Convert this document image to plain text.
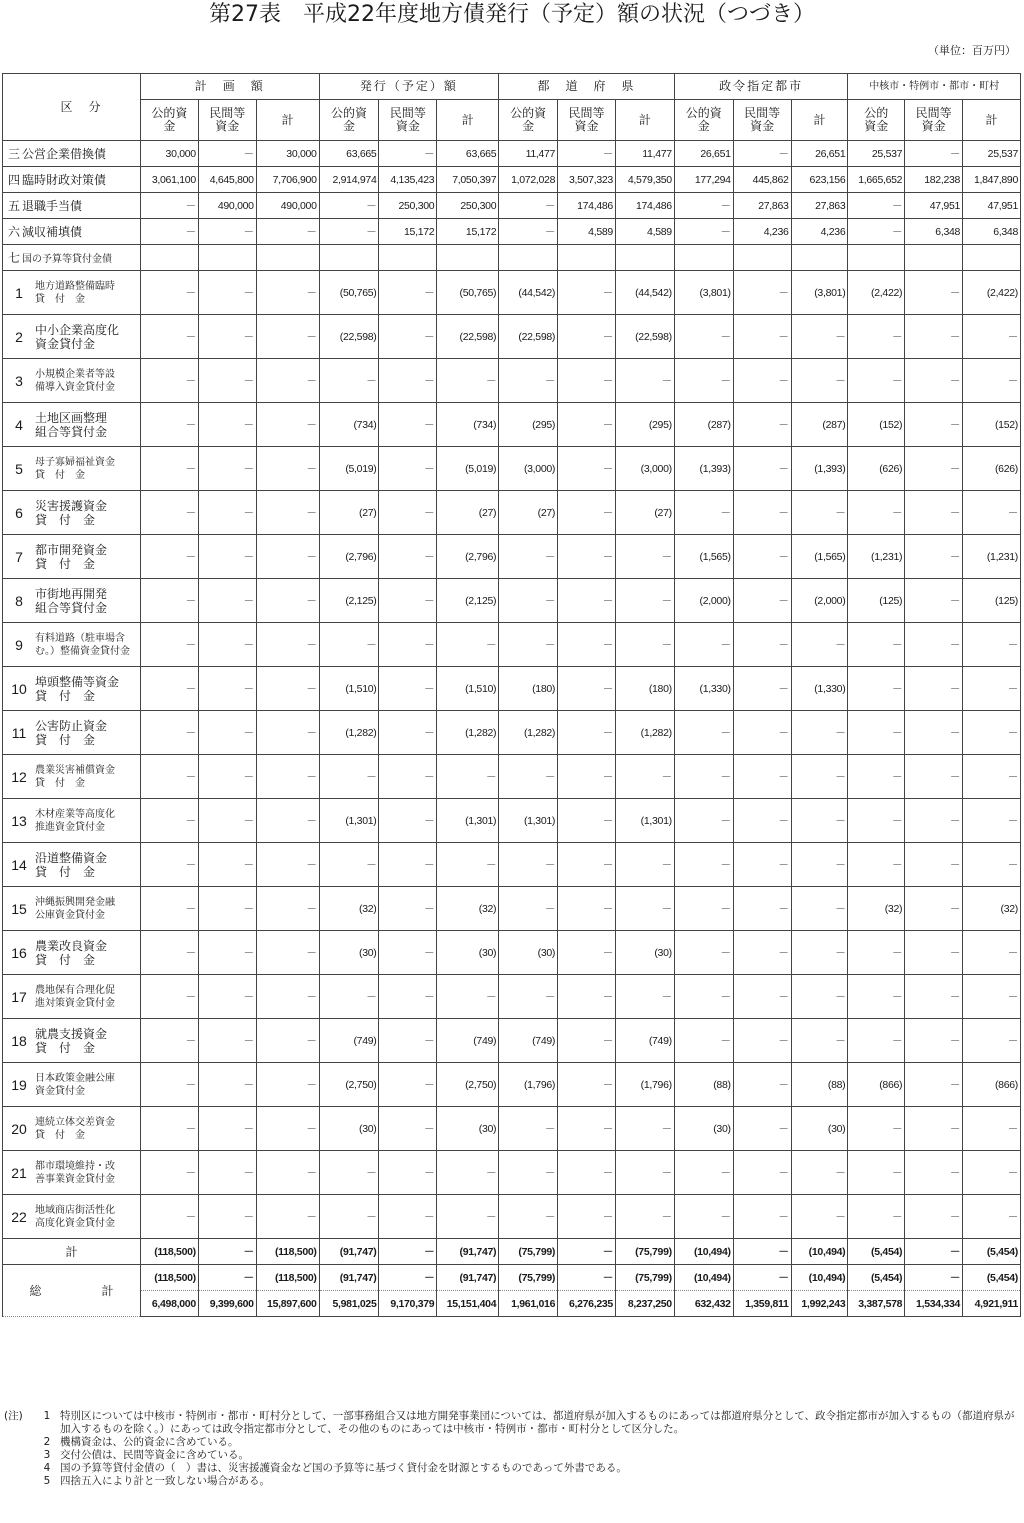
第27表　平成22年度地方債発行（予定）額の状況（つづき）
（単位：百万円）
区　分	計　画　額			発行（予定）額			都　道　府　県			政令指定都市			中核市・特例市・都市・町村		
	公的資金	民間等資金	計	公的資金	民間等資金	計	公的資金	民間等資金	計	公的資金	民間等資金	計	公的資金	民間等資金	計
三 公営企業借換債	30,000	－	30,000	63,665	－	63,665	11,477	－	11,477	26,651	－	26,651	25,537	－	25,537
四 臨時財政対策債	3,061,100	4,645,800	7,706,900	2,914,974	4,135,423	7,050,397	1,072,028	3,507,323	4,579,350	177,294	445,862	623,156	1,665,652	182,238	1,847,890
五 退職手当債	－	490,000	490,000	－	250,300	250,300	－	174,486	174,486	－	27,863	27,863	－	47,951	47,951
六 減収補填債	－	－	－	－	15,172	15,172	－	4,589	4,589	－	4,236	4,236	－	6,348	6,348
七 国の予算等貸付金債															
1 地方道路整備臨時
貸　付　金	－	－	－	(50,765)	－	(50,765)	(44,542)	－	(44,542)	(3,801)	－	(3,801)	(2,422)	－	(2,422)
2 中小企業高度化
資金貸付金	－	－	－	(22,598)	－	(22,598)	(22,598)	－	(22,598)	－	－	－	－	－	－
3 小規模企業者等設
備導入資金貸付金	－	－	－	－	－	－	－	－	－	－	－	－	－	－	－
4 土地区画整理
組合等貸付金	－	－	－	(734)	－	(734)	(295)	－	(295)	(287)	－	(287)	(152)	－	(152)
5 母子寡婦福祉資金
貸　付　金	－	－	－	(5,019)	－	(5,019)	(3,000)	－	(3,000)	(1,393)	－	(1,393)	(626)	－	(626)
6 災害援護資金
貸　付　金	－	－	－	(27)	－	(27)	(27)	－	(27)	－	－	－	－	－	－
7 都市開発資金
貸　付　金	－	－	－	(2,796)	－	(2,796)	－	－	－	(1,565)	－	(1,565)	(1,231)	－	(1,231)
8 市街地再開発
組合等貸付金	－	－	－	(2,125)	－	(2,125)	－	－	－	(2,000)	－	(2,000)	(125)	－	(125)
9 有料道路（駐車場含
む。）整備資金貸付金	－	－	－	－	－	－	－	－	－	－	－	－	－	－	－
10 埠頭整備等資金
貸　付　金	－	－	－	(1,510)	－	(1,510)	(180)	－	(180)	(1,330)	－	(1,330)	－	－	－
11 公害防止資金
貸　付　金	－	－	－	(1,282)	－	(1,282)	(1,282)	－	(1,282)	－	－	－	－	－	－
12 農業災害補償資金
貸　付　金	－	－	－	－	－	－	－	－	－	－	－	－	－	－	－
13 木材産業等高度化
推進資金貸付金	－	－	－	(1,301)	－	(1,301)	(1,301)	－	(1,301)	－	－	－	－	－	－
14 沿道整備資金
貸　付　金	－	－	－	－	－	－	－	－	－	－	－	－	－	－	－
15 沖縄振興開発金融
公庫資金貸付金	－	－	－	(32)	－	(32)	－	－	－	－	－	－	(32)	－	(32)
16 農業改良資金
貸　付　金	－	－	－	(30)	－	(30)	(30)	－	(30)	－	－	－	－	－	－
17 農地保有合理化促
進対策資金貸付金	－	－	－	－	－	－	－	－	－	－	－	－	－	－	－
18 就農支援資金
貸　付　金	－	－	－	(749)	－	(749)	(749)	－	(749)	－	－	－	－	－	－
19 日本政策金融公庫
資金貸付金	－	－	－	(2,750)	－	(2,750)	(1,796)	－	(1,796)	(88)	－	(88)	(866)	－	(866)
20 連続立体交差資金
貸　付　金	－	－	－	(30)	－	(30)	－	－	－	(30)	－	(30)	－	－	－
21 都市環境維持・改
善事業資金貸付金	－	－	－	－	－	－	－	－	－	－	－	－	－	－	－
22 地域商店街活性化
高度化資金貸付金	－	－	－	－	－	－	－	－	－	－	－	－	－	－	－

計	(118,500)	－	(118,500)	(91,747)	－	(91,747)	(75,799)	－	(75,799)	(10,494)	－	(10,494)	(5,454)	－	(5,454)

総　計	(118,500)	－	(118,500)	(91,747)	－	(91,747)	(75,799)	－	(75,799)	(10,494)	－	(10,494)	(5,454)	－	(5,454)
	6,498,000	9,399,600	15,897,600	5,981,025	9,170,379	15,151,404	1,961,016	6,276,235	8,237,250	632,432	1,359,811	1,992,243	3,387,578	1,534,334	4,921,911
(注)	1 特別区については中核市・特例市・都市・町村分として、一部事務組合又は地方開発事業団については、都道府県が加入するものにあっては都道府県分として、政令指定都市が加入するもの（都道府県が加入するものを除く。）にあっては政令指定都市分として、その他のものにあっては中核市・特例市・都市・町村分として区分した。
2 機構資金は、公的資金に含めている。
3 交付公債は、民間等資金に含めている。
4 国の予算等貸付金債の（　）書は、災害援護資金など国の予算等に基づく貸付金を財源とするものであって外書である。
5 四捨五入により計と一致しない場合がある。
